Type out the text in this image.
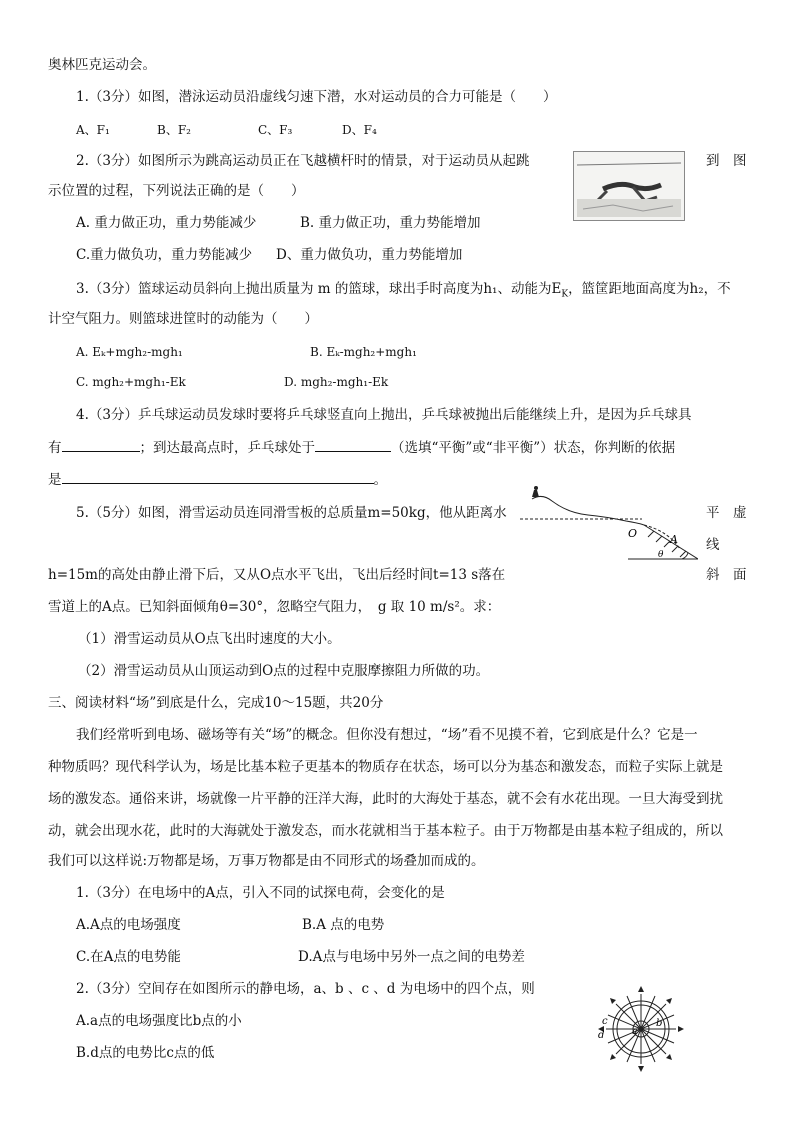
奥林匹克运动会。
1.（3分）如图，潜泳运动员沿虚线匀速下潜，水对运动员的合力可能是（　　）
A、F₁	B、F₂	C、F₃	D、F₄
2.（3分）如图所示为跳高运动员正在飞越横杆时的情景，对于运动员从起跳	到　图
示位置的过程，下列说法正确的是（　　）
A. 重力做正功，重力势能减少	B. 重力做正功，重力势能增加
C.重力做负功，重力势能减少 D、重力做负功，重力势能增加
3.（3分）篮球运动员斜向上抛出质量为 m 的篮球，球出手时高度为h₁、动能为$E_K$，篮筐距地面高度为h₂，不
计空气阻力。则篮球进筐时的动能为（　　）
A. Eₖ+mgh₂-mgh₁	B. Eₖ-mgh₂+mgh₁
C. mgh₂+mgh₁-Ek	D. mgh₂-mgh₁-Ek
4.（3分）乒乓球运动员发球时要将乒乓球竖直向上抛出，乒乓球被抛出后能继续上升，是因为乒乓球具
有	；到达最高点时，乒乓球处于	（选填“平衡”或“非平衡”）状态，你判断的依据
是	。
5.（5分）如图，滑雪运动员连同滑雪板的总质量m=50kg，他从距离水	平　虚
线
h=15m的高处由静止滑下后，又从O点水平飞出，飞出后经时间t=13 s落在	斜　面
雪道上的A点。已知斜面倾角θ=30°，忽略空气阻力，　g 取 10 m/s²。求：
（1）滑雪运动员从O点飞出时速度的大小。
（2）滑雪运动员从山顶运动到O点的过程中克服摩擦阻力所做的功。
O	A
θ
三、阅读材料“场”到底是什么，完成10～15题，共20分
我们经常听到电场、磁场等有关“场”的概念。但你没有想过，“场”看不见摸不着，它到底是什么？它是一
种物质吗？现代科学认为，场是比基本粒子更基本的物质存在状态，场可以分为基态和激发态，而粒子实际上就是
场的激发态。通俗来讲，场就像一片平静的汪洋大海，此时的大海处于基态，就不会有水花出现。一旦大海受到扰
动，就会出现水花，此时的大海就处于激发态，而水花就相当于基本粒子。由于万物都是由基本粒子组成的，所以
我们可以这样说:万物都是场，万事万物都是由不同形式的场叠加而成的。
1.（3分）在电场中的A点，引入不同的试探电荷，会变化的是
A.A点的电场强度	B.A 点的电势
C.在A点的电势能	D.A点与电场中另外一点之间的电势差
2.（3分）空间存在如图所示的静电场，a、b 、c 、d 为电场中的四个点，则
A.a点的电场强度比b点的小
B.d点的电势比c点的低
c
a
b
d
